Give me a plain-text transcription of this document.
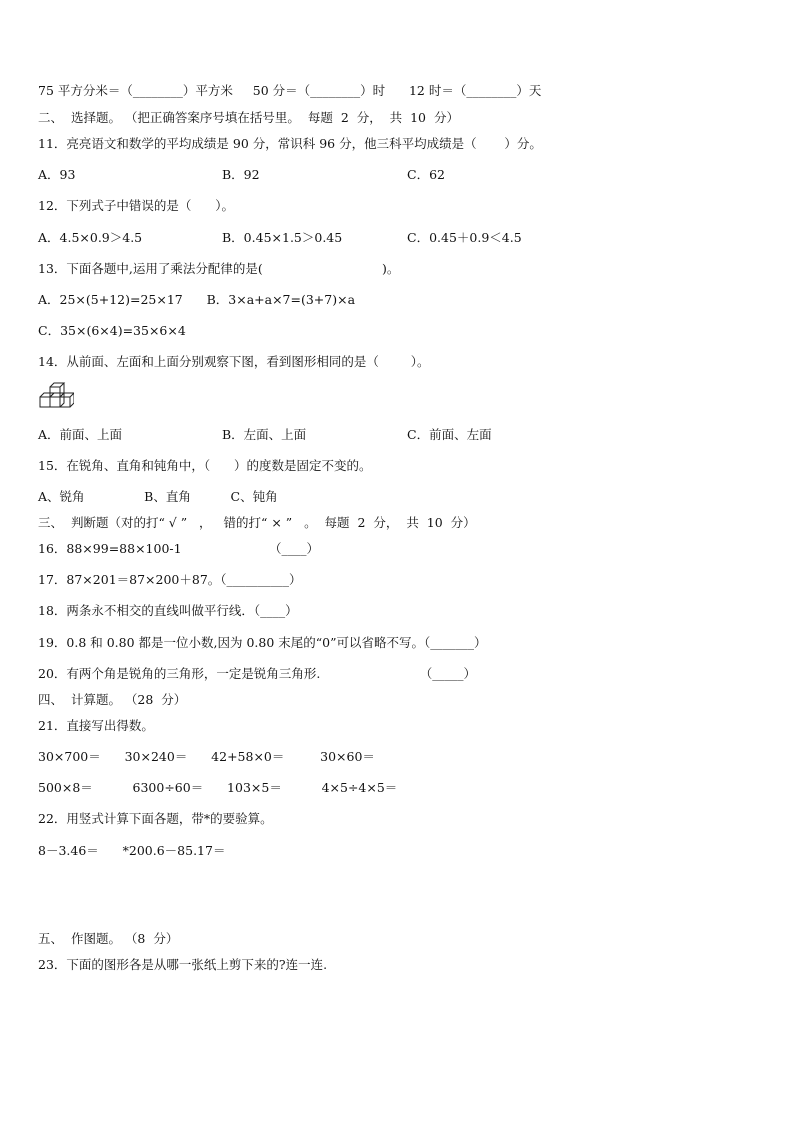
75 平方分米＝（________）平方米     50 分＝（________）时      12 时＝（________）天
二、  选择题。 （把正确答案序号填在括号里。  每题  2  分，  共  10  分）
11．亮亮语文和数学的平均成绩是 90 分，常识科 96 分，他三科平均成绩是（       ）分。
A．93	B．92	C．62
12．下列式子中错误的是（      ）。
A．4.5×0.9＞4.5	B．0.45×1.5＞0.45	C．0.45＋0.9＜4.5
13．下面各题中,运用了乘法分配律的是(                              )。
A．25×(5+12)=25×17      B．3×a+a×7=(3+7)×a
C．35×(6×4)=35×6×4
14．从前面、左面和上面分别观察下图，看到图形相同的是（        ）。
A．前面、上面	B．左面、上面	C．前面、左面
15．在锐角、直角和钝角中，（      ）的度数是固定不变的。
A、锐角               B、直角          C、钝角
三、  判断题（对的打“ √ ”   ，   错的打“ × ”   。  每题  2  分，  共  10  分）
16．88×99=88×100-1                      （____）
17．87×201＝87×200＋87。（__________）
18．两条永不相交的直线叫做平行线．（____）
19．0.8 和 0.80 都是一位小数,因为 0.80 末尾的“0”可以省略不写。（_______）
20．有两个角是锐角的三角形，一定是锐角三角形.                         （_____）
四、  计算题。 （28  分）
21．直接写出得数。
30×700＝      30×240＝      42+58×0＝         30×60＝
500×8＝          6300÷60＝      103×5＝          4×5÷4×5＝
22．用竖式计算下面各题，带*的要验算。
8－3.46＝      *200.6－85.17＝
五、  作图题。 （8  分）
23．下面的图形各是从哪一张纸上剪下来的?连一连.
